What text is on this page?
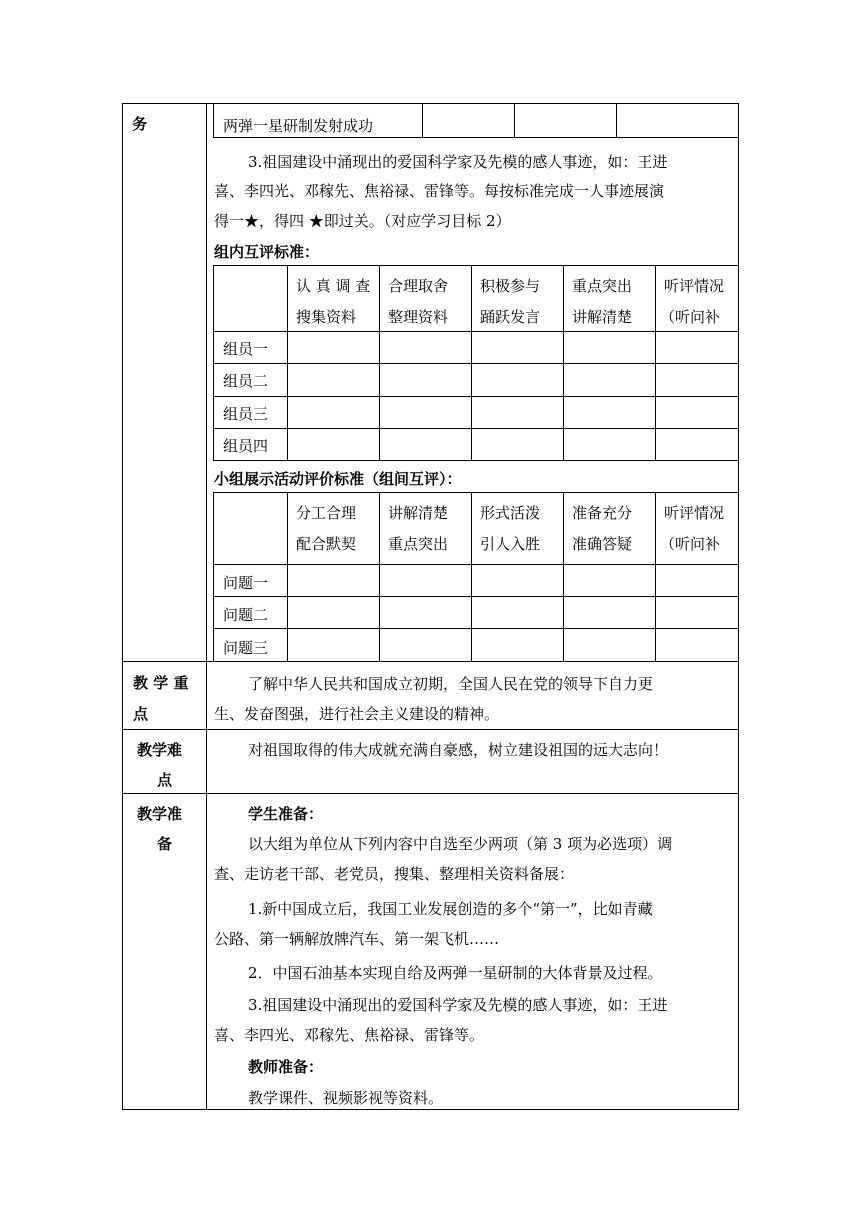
务	两弹一星研制发射成功
3.祖国建设中涌现出的爱国科学家及先模的感人事迹，如：王进
喜、李四光、邓稼先、焦裕禄、雷锋等。每按标准完成一人事迹展演
得一★，得四 ★即过关。（对应学习目标 2）
组内互评标准：
认 真 调 查
搜集资料
合理取舍
整理资料
积极参与
踊跃发言
重点突出
讲解清楚
听评情况
（听问补
组员一
组员二
组员三
组员四
小组展示活动评价标准（组间互评）：
分工合理
配合默契
讲解清楚
重点突出
形式活泼
引人入胜
准备充分
准确答疑
听评情况
（听问补
问题一
问题二
问题三
教 学 重
点
了解中华人民共和国成立初期，全国人民在党的领导下自力更
生、发奋图强，进行社会主义建设的精神。
教学难
点
对祖国取得的伟大成就充满自豪感，树立建设祖国的远大志向！
教学准
备
学生准备：
以大组为单位从下列内容中自选至少两项（第 3 项为必选项）调
查、走访老干部、老党员，搜集、整理相关资料备展：
1.新中国成立后，我国工业发展创造的多个“第一”，比如青藏
公路、第一辆解放牌汽车、第一架飞机……
2．中国石油基本实现自给及两弹一星研制的大体背景及过程。
3.祖国建设中涌现出的爱国科学家及先模的感人事迹，如：王进
喜、李四光、邓稼先、焦裕禄、雷锋等。
教师准备：
教学课件、视频影视等资料。
